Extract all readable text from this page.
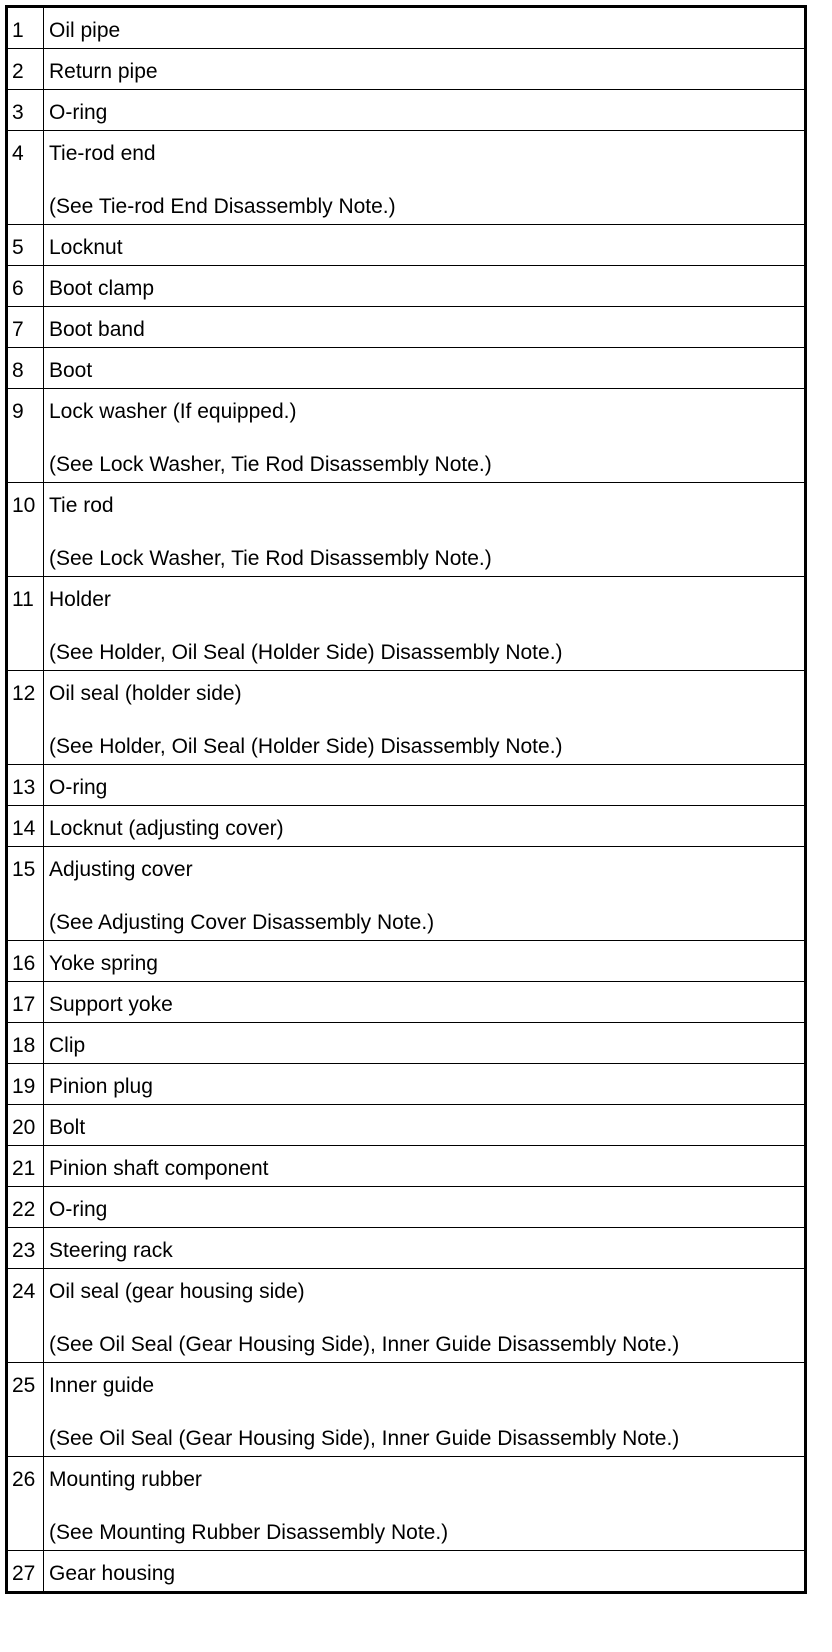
1	Oil pipe

2	Return pipe

3	O-ring

4	Tie-rod end
(See Tie-rod End Disassembly Note.)

5	Locknut

6	Boot clamp

7	Boot band

8	Boot

9	Lock washer (If equipped.)
(See Lock Washer, Tie Rod Disassembly Note.)

10	Tie rod
(See Lock Washer, Tie Rod Disassembly Note.)

11	Holder
(See Holder, Oil Seal (Holder Side) Disassembly Note.)

12	Oil seal (holder side)
(See Holder, Oil Seal (Holder Side) Disassembly Note.)

13	O-ring

14	Locknut (adjusting cover)

15	Adjusting cover
(See Adjusting Cover Disassembly Note.)

16	Yoke spring

17	Support yoke

18	Clip

19	Pinion plug

20	Bolt

21	Pinion shaft component

22	O-ring

23	Steering rack

24	Oil seal (gear housing side)
(See Oil Seal (Gear Housing Side), Inner Guide Disassembly Note.)

25	Inner guide
(See Oil Seal (Gear Housing Side), Inner Guide Disassembly Note.)

26	Mounting rubber
(See Mounting Rubber Disassembly Note.)

27	Gear housing
